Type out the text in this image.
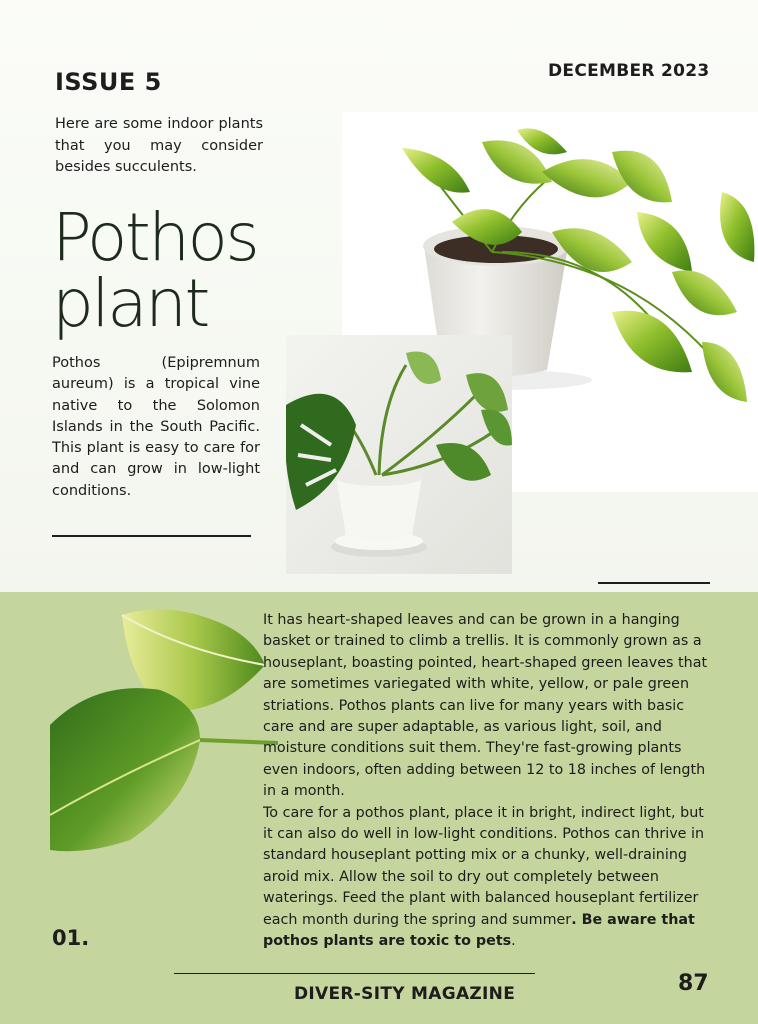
ISSUE 5	DECEMBER 2023
Here are some indoor plants that you may consider besides succulents.
Pothos
plant
Pothos (Epipremnum aureum) is a tropical vine native to the Solomon Islands in the South Pacific. This plant is easy to care for and can grow in low-light conditions.

It has heart-shaped leaves and can be grown in a hanging basket or trained to climb a trellis. It is commonly grown as a houseplant, boasting pointed, heart-shaped green leaves that are sometimes variegated with white, yellow, or pale green striations. Pothos plants can live for many years with basic care and are super adaptable, as various light, soil, and moisture conditions suit them. They're fast-growing plants even indoors, often adding between 12 to 18 inches of length in a month.

To care for a pothos plant, place it in bright, indirect light, but it can also do well in low-light conditions. Pothos can thrive in standard houseplant potting mix or a chunky, well-draining aroid mix. Allow the soil to dry out completely between waterings. Feed the plant with balanced houseplant fertilizer each month during the spring and summer. Be aware that pothos plants are toxic to pets.

01.
DIVER-SITY MAGAZINE	87
